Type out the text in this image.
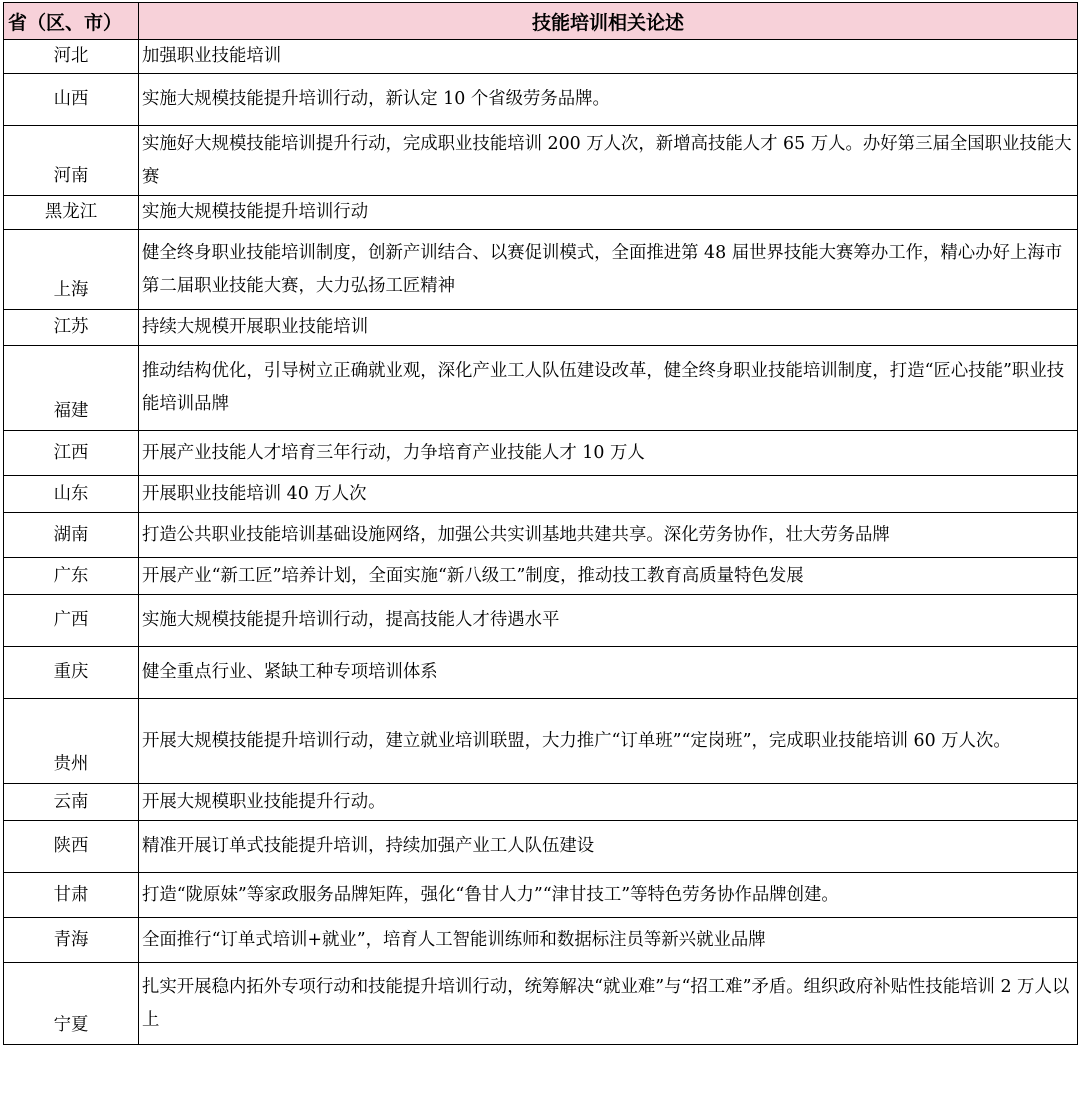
省（区、市）	技能培训相关论述
河北	加强职业技能培训
山西	实施大规模技能提升培训行动，新认定 10 个省级劳务品牌。
河南	实施好大规模技能培训提升行动，完成职业技能培训 200 万人次，新增高技能人才 65 万人。办好第三届全国职业技能大赛
黑龙江	实施大规模技能提升培训行动
上海	健全终身职业技能培训制度，创新产训结合、以赛促训模式，全面推进第 48 届世界技能大赛筹办工作，精心办好上海市第二届职业技能大赛，大力弘扬工匠精神
江苏	持续大规模开展职业技能培训
福建	推动结构优化，引导树立正确就业观，深化产业工人队伍建设改革，健全终身职业技能培训制度，打造“匠心技能”职业技能培训品牌
江西	开展产业技能人才培育三年行动，力争培育产业技能人才 10 万人
山东	开展职业技能培训 40 万人次
湖南	打造公共职业技能培训基础设施网络，加强公共实训基地共建共享。深化劳务协作，壮大劳务品牌
广东	开展产业“新工匠”培养计划，全面实施“新八级工”制度，推动技工教育高质量特色发展
广西	实施大规模技能提升培训行动，提高技能人才待遇水平
重庆	健全重点行业、紧缺工种专项培训体系
贵州	开展大规模技能提升培训行动，建立就业培训联盟，大力推广“订单班”“定岗班”，完成职业技能培训 60 万人次。
云南	开展大规模职业技能提升行动。
陕西	精准开展订单式技能提升培训，持续加强产业工人队伍建设
甘肃	打造“陇原妹”等家政服务品牌矩阵，强化“鲁甘人力”“津甘技工”等特色劳务协作品牌创建。
青海	全面推行“订单式培训+就业”，培育人工智能训练师和数据标注员等新兴就业品牌
宁夏	扎实开展稳内拓外专项行动和技能提升培训行动，统筹解决“就业难”与“招工难”矛盾。组织政府补贴性技能培训 2 万人以上
